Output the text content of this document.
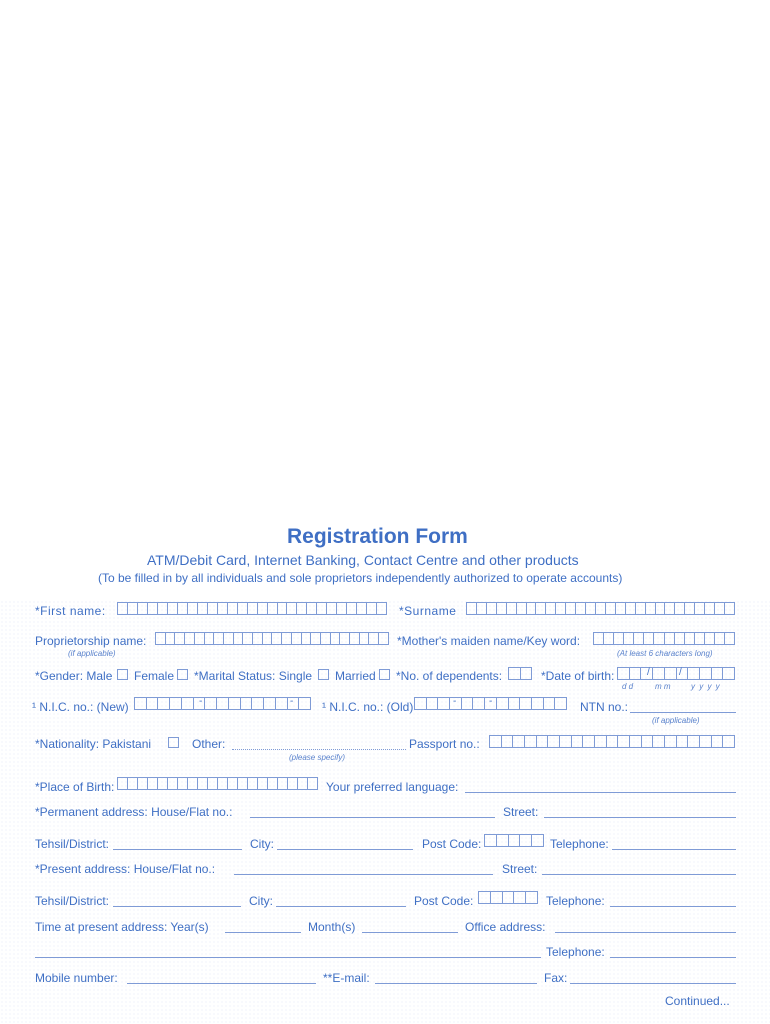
Registration Form
ATM/Debit Card, Internet Banking, Contact Centre and other products
(To be filled in by all individuals and sole proprietors independently authorized to operate accounts)
*First name:	*Surname
Proprietorship name:
(if applicable)
*Mother's maiden name/Key word:
(At least 6 characters long)
*Gender: Male Female *Marital Status: Single Married *No. of dependents:	*Date of birth:	/	/
d d	m m	y y y y
¹ N.I.C. no.: (New)	-	- ¹ N.I.C. no.: (Old)	-	-	NTN no.:
(if applicable)
*Nationality: Pakistani	Other:
(please specify)
Passport no.:
*Place of Birth:	Your preferred language:
*Permanent address: House/Flat no.:	Street:
Tehsil/District:	City:	Post Code:	Telephone:
*Present address: House/Flat no.:	Street:
Tehsil/District:	City:	Post Code:	Telephone:
Time at present address: Year(s)	Month(s)	Office address:
Telephone:
Mobile number:	**E-mail:	Fax:
Continued...
